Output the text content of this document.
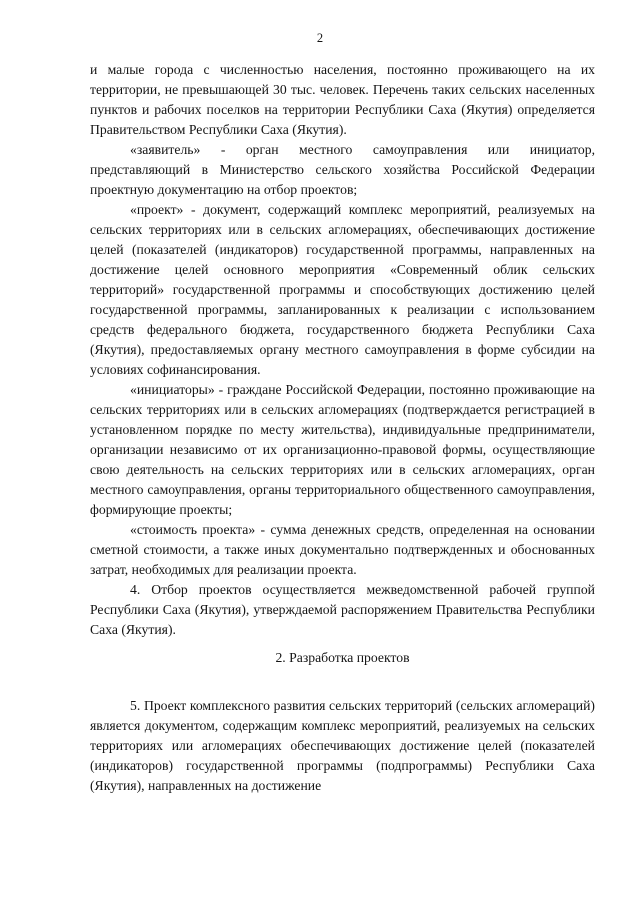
2

и малые города с численностью населения, постоянно проживающего на их территории, не превышающей 30 тыс. человек. Перечень таких сельских населенных пунктов и рабочих поселков на территории Республики Саха (Якутия) определяется Правительством Республики Саха (Якутия).

«заявитель» - орган местного самоуправления или инициатор, представляющий в Министерство сельского хозяйства Российской Федерации проектную документацию на отбор проектов;

«проект» - документ, содержащий комплекс мероприятий, реализуемых на сельских территориях или в сельских агломерациях, обеспечивающих достижение целей (показателей (индикаторов) государственной программы, направленных на достижение целей основного мероприятия «Современный облик сельских территорий» государственной программы и способствующих достижению целей государственной программы, запланированных к реализации с использованием средств федерального бюджета, государственного бюджета Республики Саха (Якутия), предоставляемых органу местного самоуправления в форме субсидии на условиях софинансирования.

«инициаторы» - граждане Российской Федерации, постоянно проживающие на сельских территориях или в сельских агломерациях (подтверждается регистрацией в установленном порядке по месту жительства), индивидуальные предприниматели, организации независимо от их организационно-правовой формы, осуществляющие свою деятельность на сельских территориях или в сельских агломерациях, орган местного самоуправления, органы территориального общественного самоуправления, формирующие проекты;

«стоимость проекта» - сумма денежных средств, определенная на основании сметной стоимости, а также иных документально подтвержденных и обоснованных затрат, необходимых для реализации проекта.

4. Отбор проектов осуществляется межведомственной рабочей группой Республики Саха (Якутия), утверждаемой распоряжением Правительства Республики Саха (Якутия).

2. Разработка проектов

5. Проект комплексного развития сельских территорий (сельских агломераций) является документом, содержащим комплекс мероприятий, реализуемых на сельских территориях или агломерациях обеспечивающих достижение целей (показателей (индикаторов) государственной программы (подпрограммы) Республики Саха (Якутия), направленных на достижение
